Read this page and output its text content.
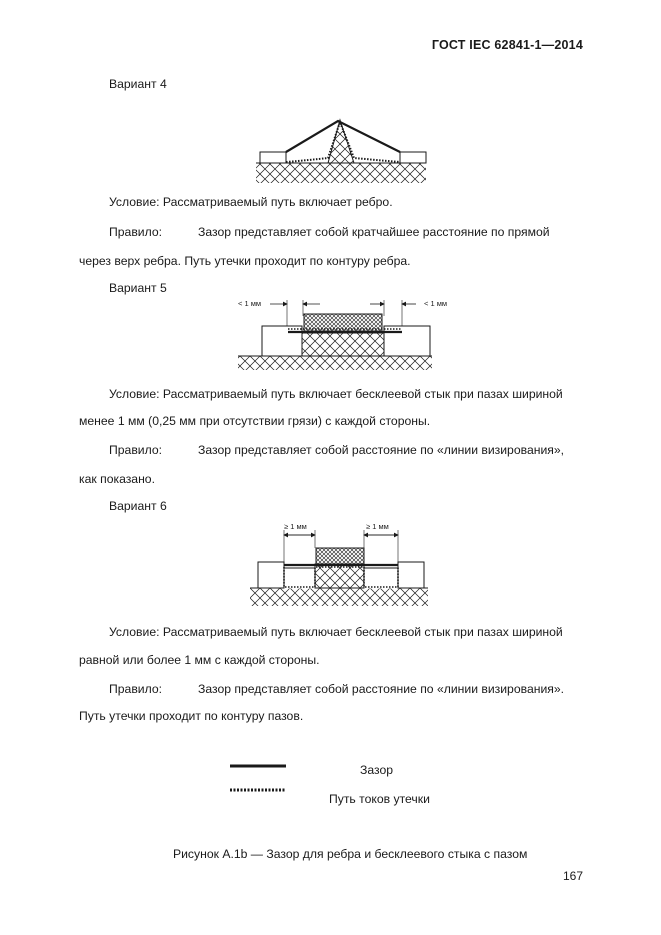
ГОСТ IEC 62841-1—2014
Вариант 4
Условие: Рассматриваемый путь включает ребро.
Правило:	Зазор представляет собой кратчайшее расстояние по прямой
через верх ребра. Путь утечки проходит по контуру ребра.
Вариант 5
< 1 мм	< 1 мм
Условие: Рассматриваемый путь включает бесклеевой стык при пазах шириной
менее 1 мм (0,25 мм при отсутствии грязи) с каждой стороны.
Правило:	Зазор представляет собой расстояние по «линии визирования»,
как показано.
Вариант 6
≥ 1 мм	≥ 1 мм
Условие: Рассматриваемый путь включает бесклеевой стык при пазах шириной
равной или более 1 мм с каждой стороны.
Правило:	Зазор представляет собой расстояние по «линии визирования».
Путь утечки проходит по контуру пазов.
Зазор
Путь токов утечки
Рисунок А.1b — Зазор для ребра и бесклеевого стыка с пазом
167
